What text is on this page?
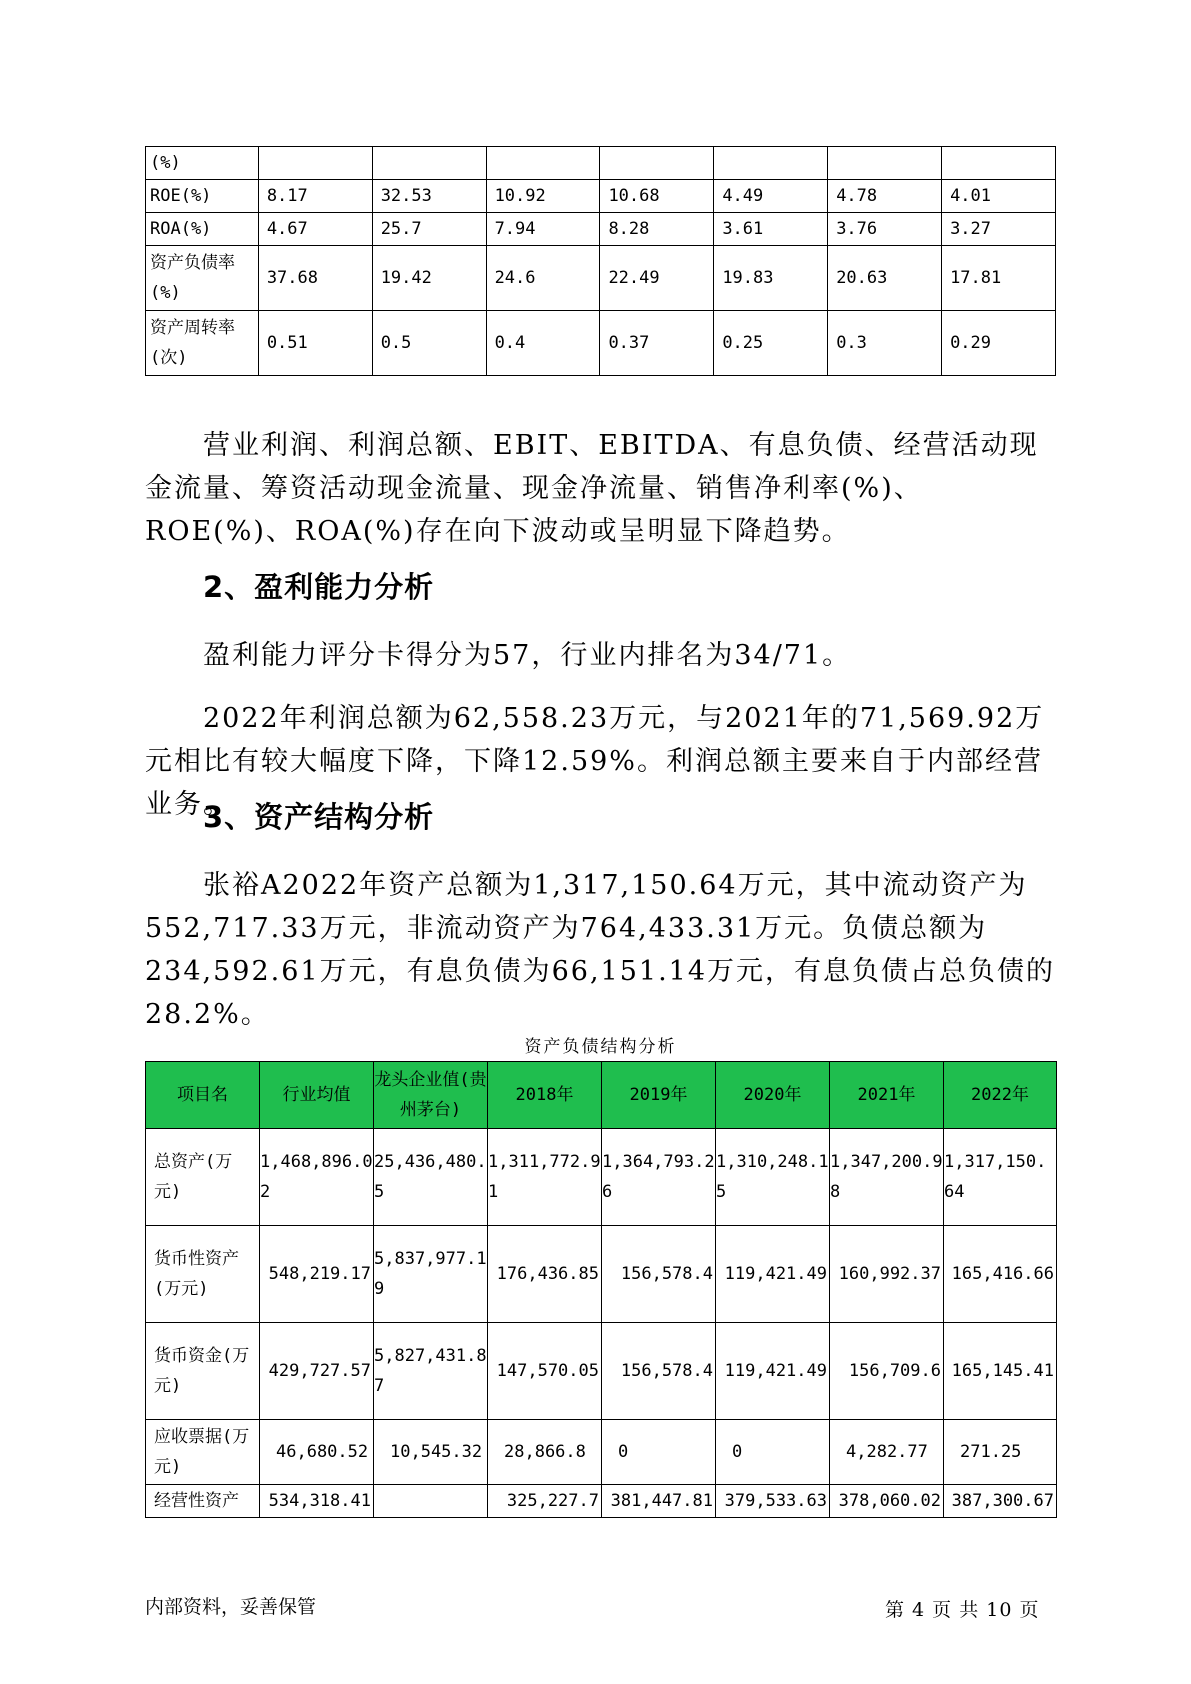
(%)							
ROE(%)	8.17	32.53	10.92	10.68	4.49	4.78	4.01
ROA(%)	4.67	25.7	7.94	8.28	3.61	3.76	3.27
资产负债率(%)	37.68	19.42	24.6	22.49	19.83	20.63	17.81
资产周转率(次)	0.51	0.5	0.4	0.37	0.25	0.3	0.29

营业利润、利润总额、EBIT、EBITDA、有息负债、经营活动现金流量、筹资活动现金流量、现金净流量、销售净利率(%)、ROE(%)、ROA(%)存在向下波动或呈明显下降趋势。

2、盈利能力分析

盈利能力评分卡得分为57，行业内排名为34/71。

2022年利润总额为62,558.23万元，与2021年的71,569.92万元相比有较大幅度下降，下降12.59%。利润总额主要来自于内部经营业务。

3、资产结构分析

张裕A2022年资产总额为1,317,150.64万元，其中流动资产为552,717.33万元，非流动资产为764,433.31万元。负债总额为234,592.61万元，有息负债为66,151.14万元，有息负债占总负债的28.2%。

资产负债结构分析
项目名	行业均值	龙头企业值(贵州茅台)	2018年	2019年	2020年	2021年	2022年
总资产(万元)	1,468,896.02	25,436,480.5	1,311,772.91	1,364,793.26	1,310,248.15	1,347,200.98	1,317,150.64
货币性资产(万元)	548,219.17	5,837,977.19	176,436.85	156,578.4	119,421.49	160,992.37	165,416.66
货币资金(万元)	429,727.57	5,827,431.87	147,570.05	156,578.4	119,421.49	156,709.6	165,145.41
应收票据(万元)	46,680.52	10,545.32	28,866.8	0	0	4,282.77	271.25
经营性资产	534,318.41		325,227.7	381,447.81	379,533.63	378,060.02	387,300.67
内部资料，妥善保管	第 4 页 共 10 页
